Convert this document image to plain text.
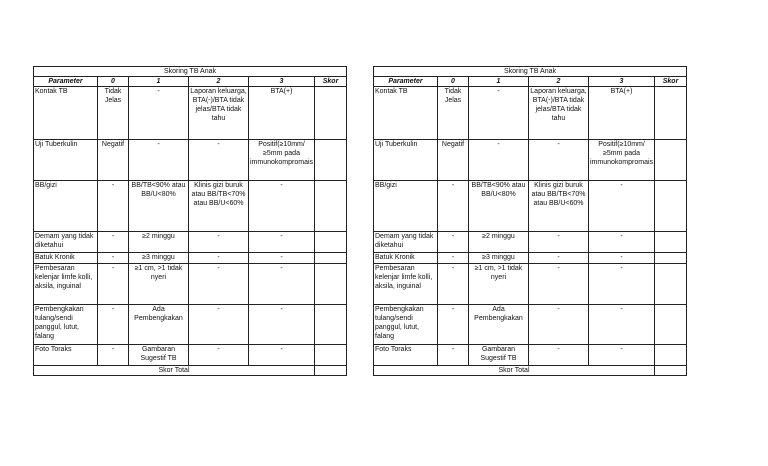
Skoring TB Anak					
Parameter	0	1	2	3	Skor
Kontak TB	Tidak Jelas	-	Laporan keluarga, BTA(-)/BTA tidak jelas/BTA tidak tahu	BTA(+)	
Uji Tuberkulin	Negatif	-	-	Positif(≥10mm/ ≥5mm pada immunokompromais	
BB/gizi	-	BB/TB<90% atau BB/U<80%	Klinis gizi buruk atau BB/TB<70% atau BB/U<60%	-	
Demam yang tidak diketahui	-	≥2 minggu	-	-	
Batuk Kronik	-	≥3 minggu	-	-	
Pembesaran kelenjar limfe kolli, aksila, inguinal	-	≥1 cm, >1 tidak nyeri	-	-	
Pembengkakan tulang/sendi panggul, lutut, falang	-	Ada Pembengkakan	-	-	
Foto Toraks	-	Gambaran Sugestif TB	-	-	
Skor Total					
Skoring TB Anak					
Parameter	0	1	2	3	Skor
Kontak TB	Tidak Jelas	-	Laporan keluarga, BTA(-)/BTA tidak jelas/BTA tidak tahu	BTA(+)	
Uji Tuberkulin	Negatif	-	-	Positif(≥10mm/ ≥5mm pada immunokompromais	
BB/gizi	-	BB/TB<90% atau BB/U<80%	Klinis gizi buruk atau BB/TB<70% atau BB/U<60%	-	
Demam yang tidak diketahui	-	≥2 minggu	-	-	
Batuk Kronik	-	≥3 minggu	-	-	
Pembesaran kelenjar limfe kolli, aksila, inguinal	-	≥1 cm, >1 tidak nyeri	-	-	
Pembengkakan tulang/sendi panggul, lutut, falang	-	Ada Pembengkakan	-	-	
Foto Toraks	-	Gambaran Sugestif TB	-	-	
Skor Total					
